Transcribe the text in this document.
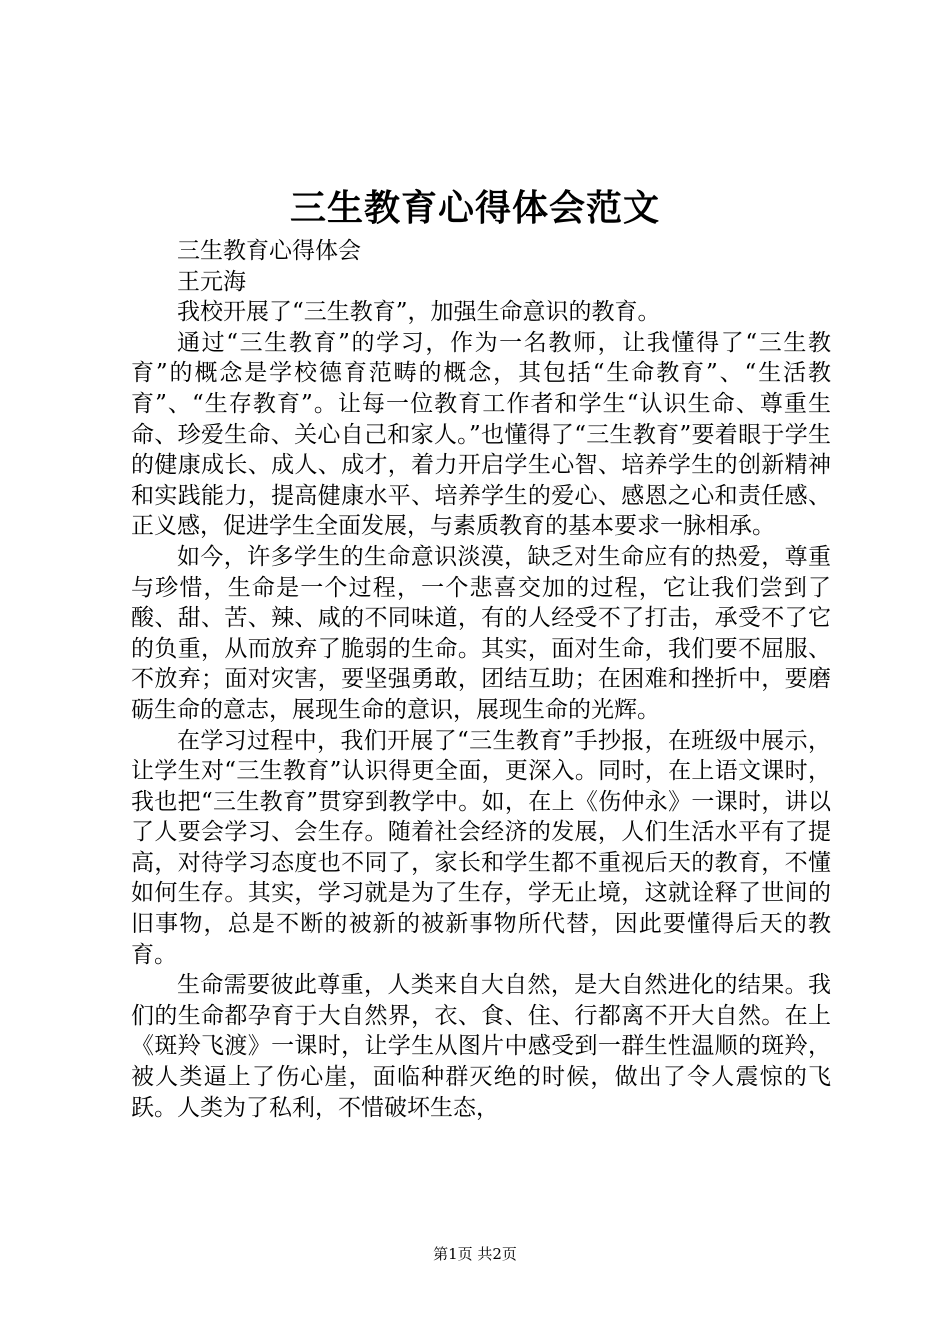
三生教育心得体会范文

三生教育心得体会

王元海

我校开展了“三生教育”，加强生命意识的教育。

通过“三生教育”的学习，作为一名教师，让我懂得了“三生教育”的概念是学校德育范畴的概念，其包括“生命教育”、“生活教育”、“生存教育”。让每一位教育工作者和学生“认识生命、尊重生命、珍爱生命、关心自己和家人。”也懂得了“三生教育”要着眼于学生的健康成长、成人、成才，着力开启学生心智、培养学生的创新精神和实践能力，提高健康水平、培养学生的爱心、感恩之心和责任感、正义感，促进学生全面发展，与素质教育的基本要求一脉相承。

如今，许多学生的生命意识淡漠，缺乏对生命应有的热爱，尊重与珍惜，生命是一个过程，一个悲喜交加的过程，它让我们尝到了酸、甜、苦、辣、咸的不同味道，有的人经受不了打击，承受不了它的负重，从而放弃了脆弱的生命。其实，面对生命，我们要不屈服、不放弃；面对灾害，要坚强勇敢，团结互助；在困难和挫折中，要磨砺生命的意志，展现生命的意识，展现生命的光辉。

在学习过程中，我们开展了“三生教育”手抄报，在班级中展示，让学生对“三生教育”认识得更全面，更深入。同时，在上语文课时，我也把“三生教育”贯穿到教学中。如，在上《伤仲永》一课时，讲以了人要会学习、会生存。随着社会经济的发展，人们生活水平有了提高，对待学习态度也不同了，家长和学生都不重视后天的教育，不懂如何生存。其实，学习就是为了生存，学无止境，这就诠释了世间的旧事物，总是不断的被新的被新事物所代替，因此要懂得后天的教育。

生命需要彼此尊重，人类来自大自然，是大自然进化的结果。我们的生命都孕育于大自然界，衣、食、住、行都离不开大自然。在上《斑羚飞渡》一课时，让学生从图片中感受到一群生性温顺的斑羚，被人类逼上了伤心崖，面临种群灭绝的时候，做出了令人震惊的飞跃。人类为了私利，不惜破坏生态，

第1页 共2页
